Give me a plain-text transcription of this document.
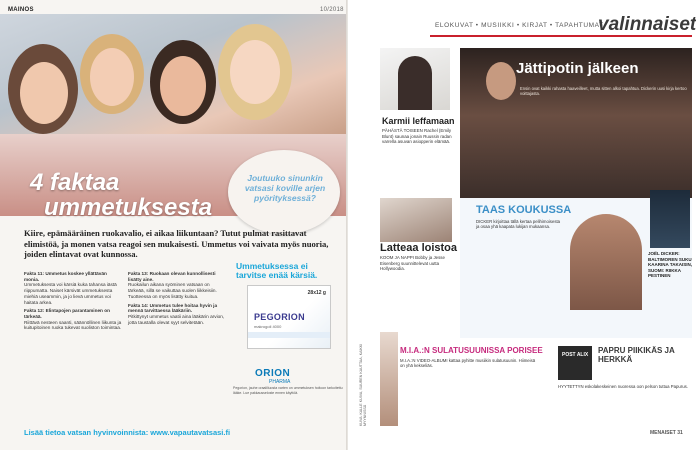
MAINOS	10/2018
Joutuuko sinunkin vatsasi koville arjen pyörityksessä?
4 faktaa
ummetuksesta
Kiire, epämääräinen ruokavalio, ei aikaa liikuntaan? Tutut pulmat rasittavat elimistöä, ja monen vatsa reagoi sen mukaisesti. Ummetus voi vaivata myös nuoria, joiden elintavat ovat kunnossa.
Fakta 11: Ummetus koskee yllättävän monia.
Ummetuksesta voi kärsiä kuka tahansa iästä riippumatta. Naiset kärsivät ummetuksesta miehiä useammin, ja jo lievä ummetus voi haitata arkea.
Fakta 12: Elintapojen parantaminen on tärkeää.
Riittävä nesteen saanti, säännöllinen liikunta ja kuitupitoinen ruoka tukevat suoliston toimintaa.
Fakta 13: Ruokaan olevan kunnollisesti lisätty aine.
Ruokailun aikana syöminen vatsaan on tärkeää, sillä se vaikuttaa suolen liikkeisiin. Tuotteessa on myös lisätty kuitua.
Fakta 14: Ummetus tulee hoitaa hyvin ja mennä tarvittaessa lääkäriin.
Pitkittynyt ummetus vaatii aina lääkärin arvion, jotta taustalla olevat syyt selvitetään.
Ummetuksessa ei tarvitse enää kärsiä.
28x12 g
PEGORION
makrogoli 4000
ORION
PHARMA
Pegorion, jauhe oraaliliuosta varten on ummetuksen hoitoon tarkoitettu lääke. Lue pakkausseloste ennen käyttöä.
Lisää tietoa vatsan hyvinvoinnista: www.vapautavatsasi.fi
ELOKUVAT • MUSIIKKI • KIRJAT • TAPAHTUMAT
valinnaiset
Karmii leffamaan
PÄHÄSTÄ TOISEEN Rachel (Emily Blunt) saunaa jonain Ruussin radan varrella asuvan asiopperin elämää.
Jättipotin jälkeen
Ensin ovat kaikki rahasta haaveilleet, mutta sitten alkoi tapahtua. Dickerin uusi kirja kertoo voittajasta.
Latteaa loistoa
KOOM JA NAPPI Bobby ja Jesse Eisenberg suunnittelevat uutta Hollywoodia.
TAAS KOUKUSSA
DICKER kirjoittaa tällä kertaa pelihimoisesta ja osaa yhä kaapata lukijan mukaansa.
JOËL DICKER: BALTIMOREN SUKU KAARINA TAKAISIN, SUOMI: RIIKKA PESTINEN
KUVA: KALLE KUIVA, SUUREN KAUTTAA, KAIKKI MYYNNISSÄ
M.I.A.:N SULATUSUUNISSA PORISEE
M.I.A.:N VIDEO-ALBUMI kattaa pyhitte musiikin sulatusuunin. Hiimeisä on yhä kekseliäs.
POST ALIX	PAPRU PIIKIKÄS JA HERKKÄ
HYYTETTYN eskolakeskeinen nuoressa oon pelson tuttua Papurus.
MENAISET 31
